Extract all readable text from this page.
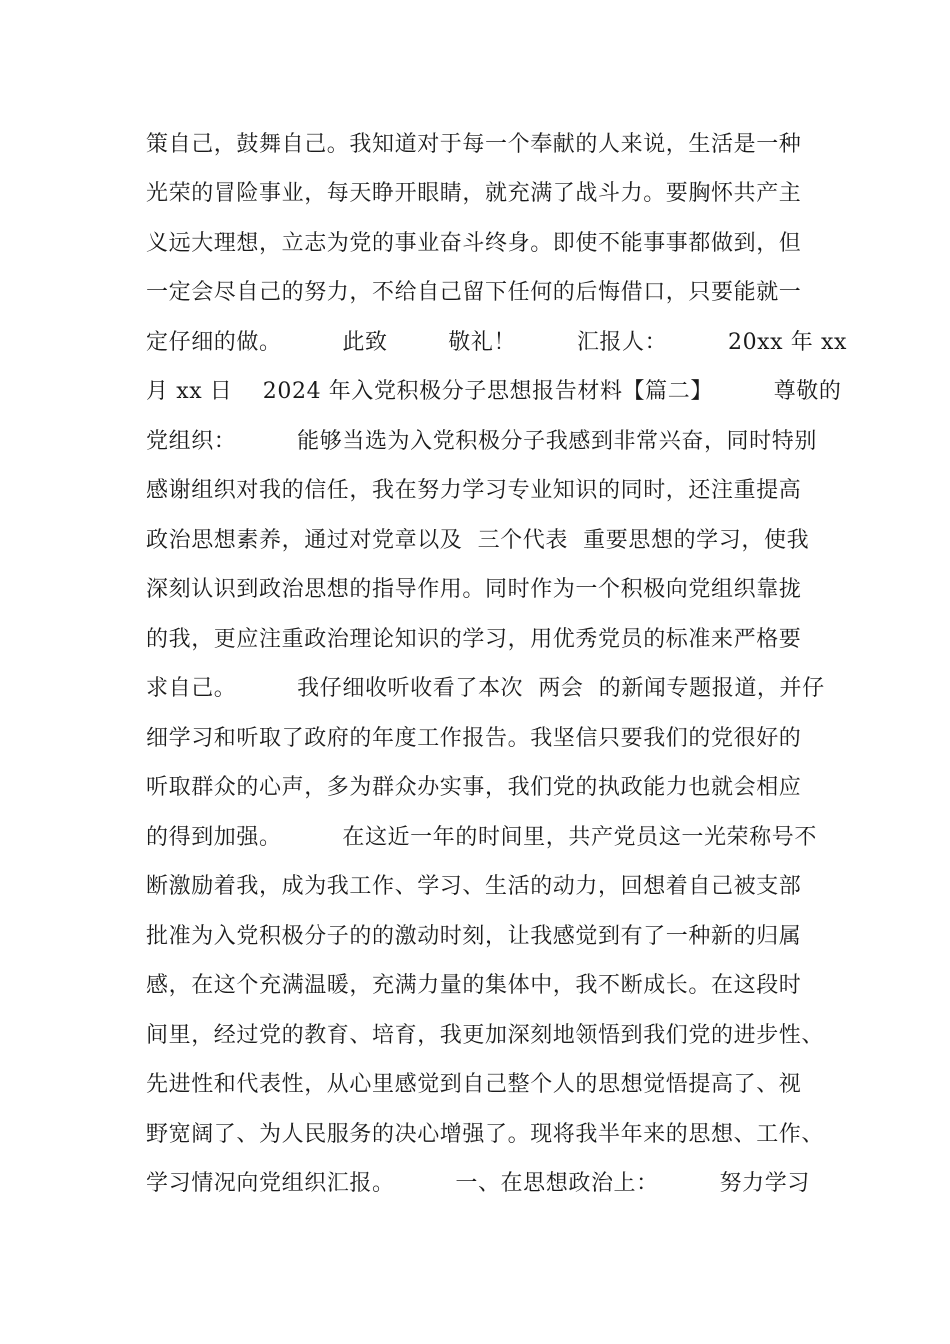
策自己，鼓舞自己。我知道对于每一个奉献的人来说，生活是一种
光荣的冒险事业，每天睁开眼睛，就充满了战斗力。要胸怀共产主
义远大理想，立志为党的事业奋斗终身。即使不能事事都做到，但
一定会尽自己的努力，不给自己留下任何的后悔借口，只要能就一
定仔细的做。        此致        敬礼！        汇报人：        20xx 年 xx
月 xx 日    2024 年入党积极分子思想报告材料【篇二】        尊敬的
党组织：        能够当选为入党积极分子我感到非常兴奋，同时特别
感谢组织对我的信任，我在努力学习专业知识的同时，还注重提高
政治思想素养，通过对党章以及  三个代表  重要思想的学习，使我
深刻认识到政治思想的指导作用。同时作为一个积极向党组织靠拢
的我，更应注重政治理论知识的学习，用优秀党员的标准来严格要
求自己。        我仔细收听收看了本次  两会  的新闻专题报道，并仔
细学习和听取了政府的年度工作报告。我坚信只要我们的党很好的
听取群众的心声，多为群众办实事，我们党的执政能力也就会相应
的得到加强。        在这近一年的时间里，共产党员这一光荣称号不
断激励着我，成为我工作、学习、生活的动力，回想着自己被支部
批准为入党积极分子的的激动时刻，让我感觉到有了一种新的归属
感，在这个充满温暖，充满力量的集体中，我不断成长。在这段时
间里，经过党的教育、培育，我更加深刻地领悟到我们党的进步性、
先进性和代表性，从心里感觉到自己整个人的思想觉悟提高了、视
野宽阔了、为人民服务的决心增强了。现将我半年来的思想、工作、
学习情况向党组织汇报。        一、在思想政治上：        努力学习
